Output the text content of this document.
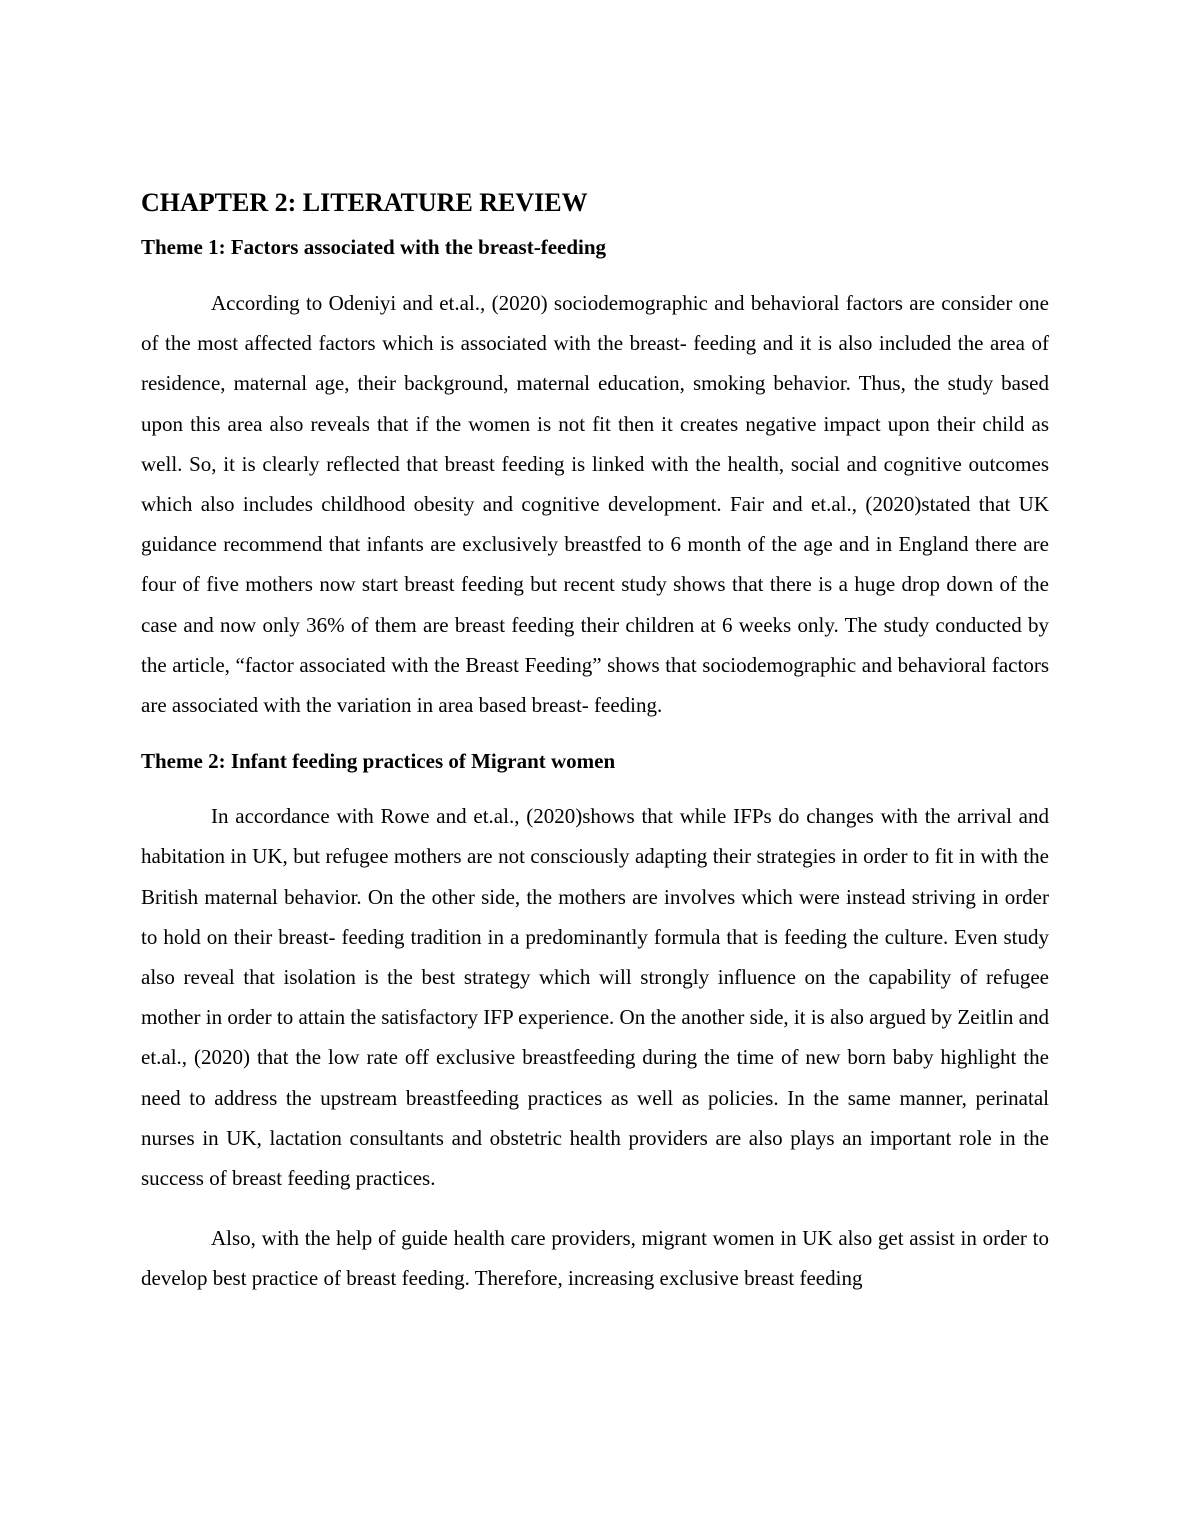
CHAPTER 2: LITERATURE REVIEW
Theme 1: Factors associated with the breast-feeding

According to Odeniyi and et.al., (2020) sociodemographic and behavioral factors are consider one of the most affected factors which is associated with the breast- feeding and it is also included the area of residence, maternal age, their background, maternal education, smoking behavior. Thus, the study based upon this area also reveals that if the women is not fit then it creates negative impact upon their child as well. So, it is clearly reflected that breast feeding is linked with the health, social and cognitive outcomes which also includes childhood obesity and cognitive development. Fair and et.al., (2020)stated that UK guidance recommend that infants are exclusively breastfed to 6 month of the age and in England there are four of five mothers now start breast feeding but recent study shows that there is a huge drop down of the case and now only 36% of them are breast feeding their children at 6 weeks only. The study conducted by the article, “factor associated with the Breast Feeding” shows that sociodemographic and behavioral factors are associated with the variation in area based breast- feeding.

Theme 2: Infant feeding practices of Migrant women

In accordance with Rowe and et.al., (2020)shows that while IFPs do changes with the arrival and habitation in UK, but refugee mothers are not consciously adapting their strategies in order to fit in with the British maternal behavior. On the other side, the mothers are involves which were instead striving in order to hold on their breast- feeding tradition in a predominantly formula that is feeding the culture. Even study also reveal that isolation is the best strategy which will strongly influence on the capability of refugee mother in order to attain the satisfactory IFP experience. On the another side, it is also argued by Zeitlin and et.al., (2020) that the low rate off exclusive breastfeeding during the time of new born baby highlight the need to address the upstream breastfeeding practices as well as policies. In the same manner, perinatal nurses in UK, lactation consultants and obstetric health providers are also plays an important role in the success of breast feeding practices.

Also, with the help of guide health care providers, migrant women in UK also get assist in order to develop best practice of breast feeding. Therefore, increasing exclusive breast feeding
